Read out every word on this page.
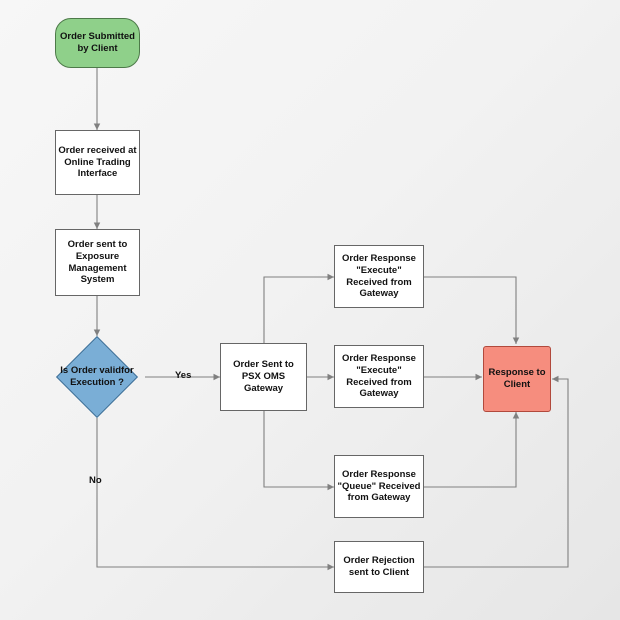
Order Submitted by Client
Order received at Online Trading Interface
Order sent to Exposure Management System
Is Order validfor Execution ?
Order Sent to PSX OMS Gateway
Order Response "Execute" Received from Gateway
Order Response "Execute" Received from Gateway
Order Response "Queue" Received from Gateway
Order Rejection sent to Client
Response to Client
Yes
No
